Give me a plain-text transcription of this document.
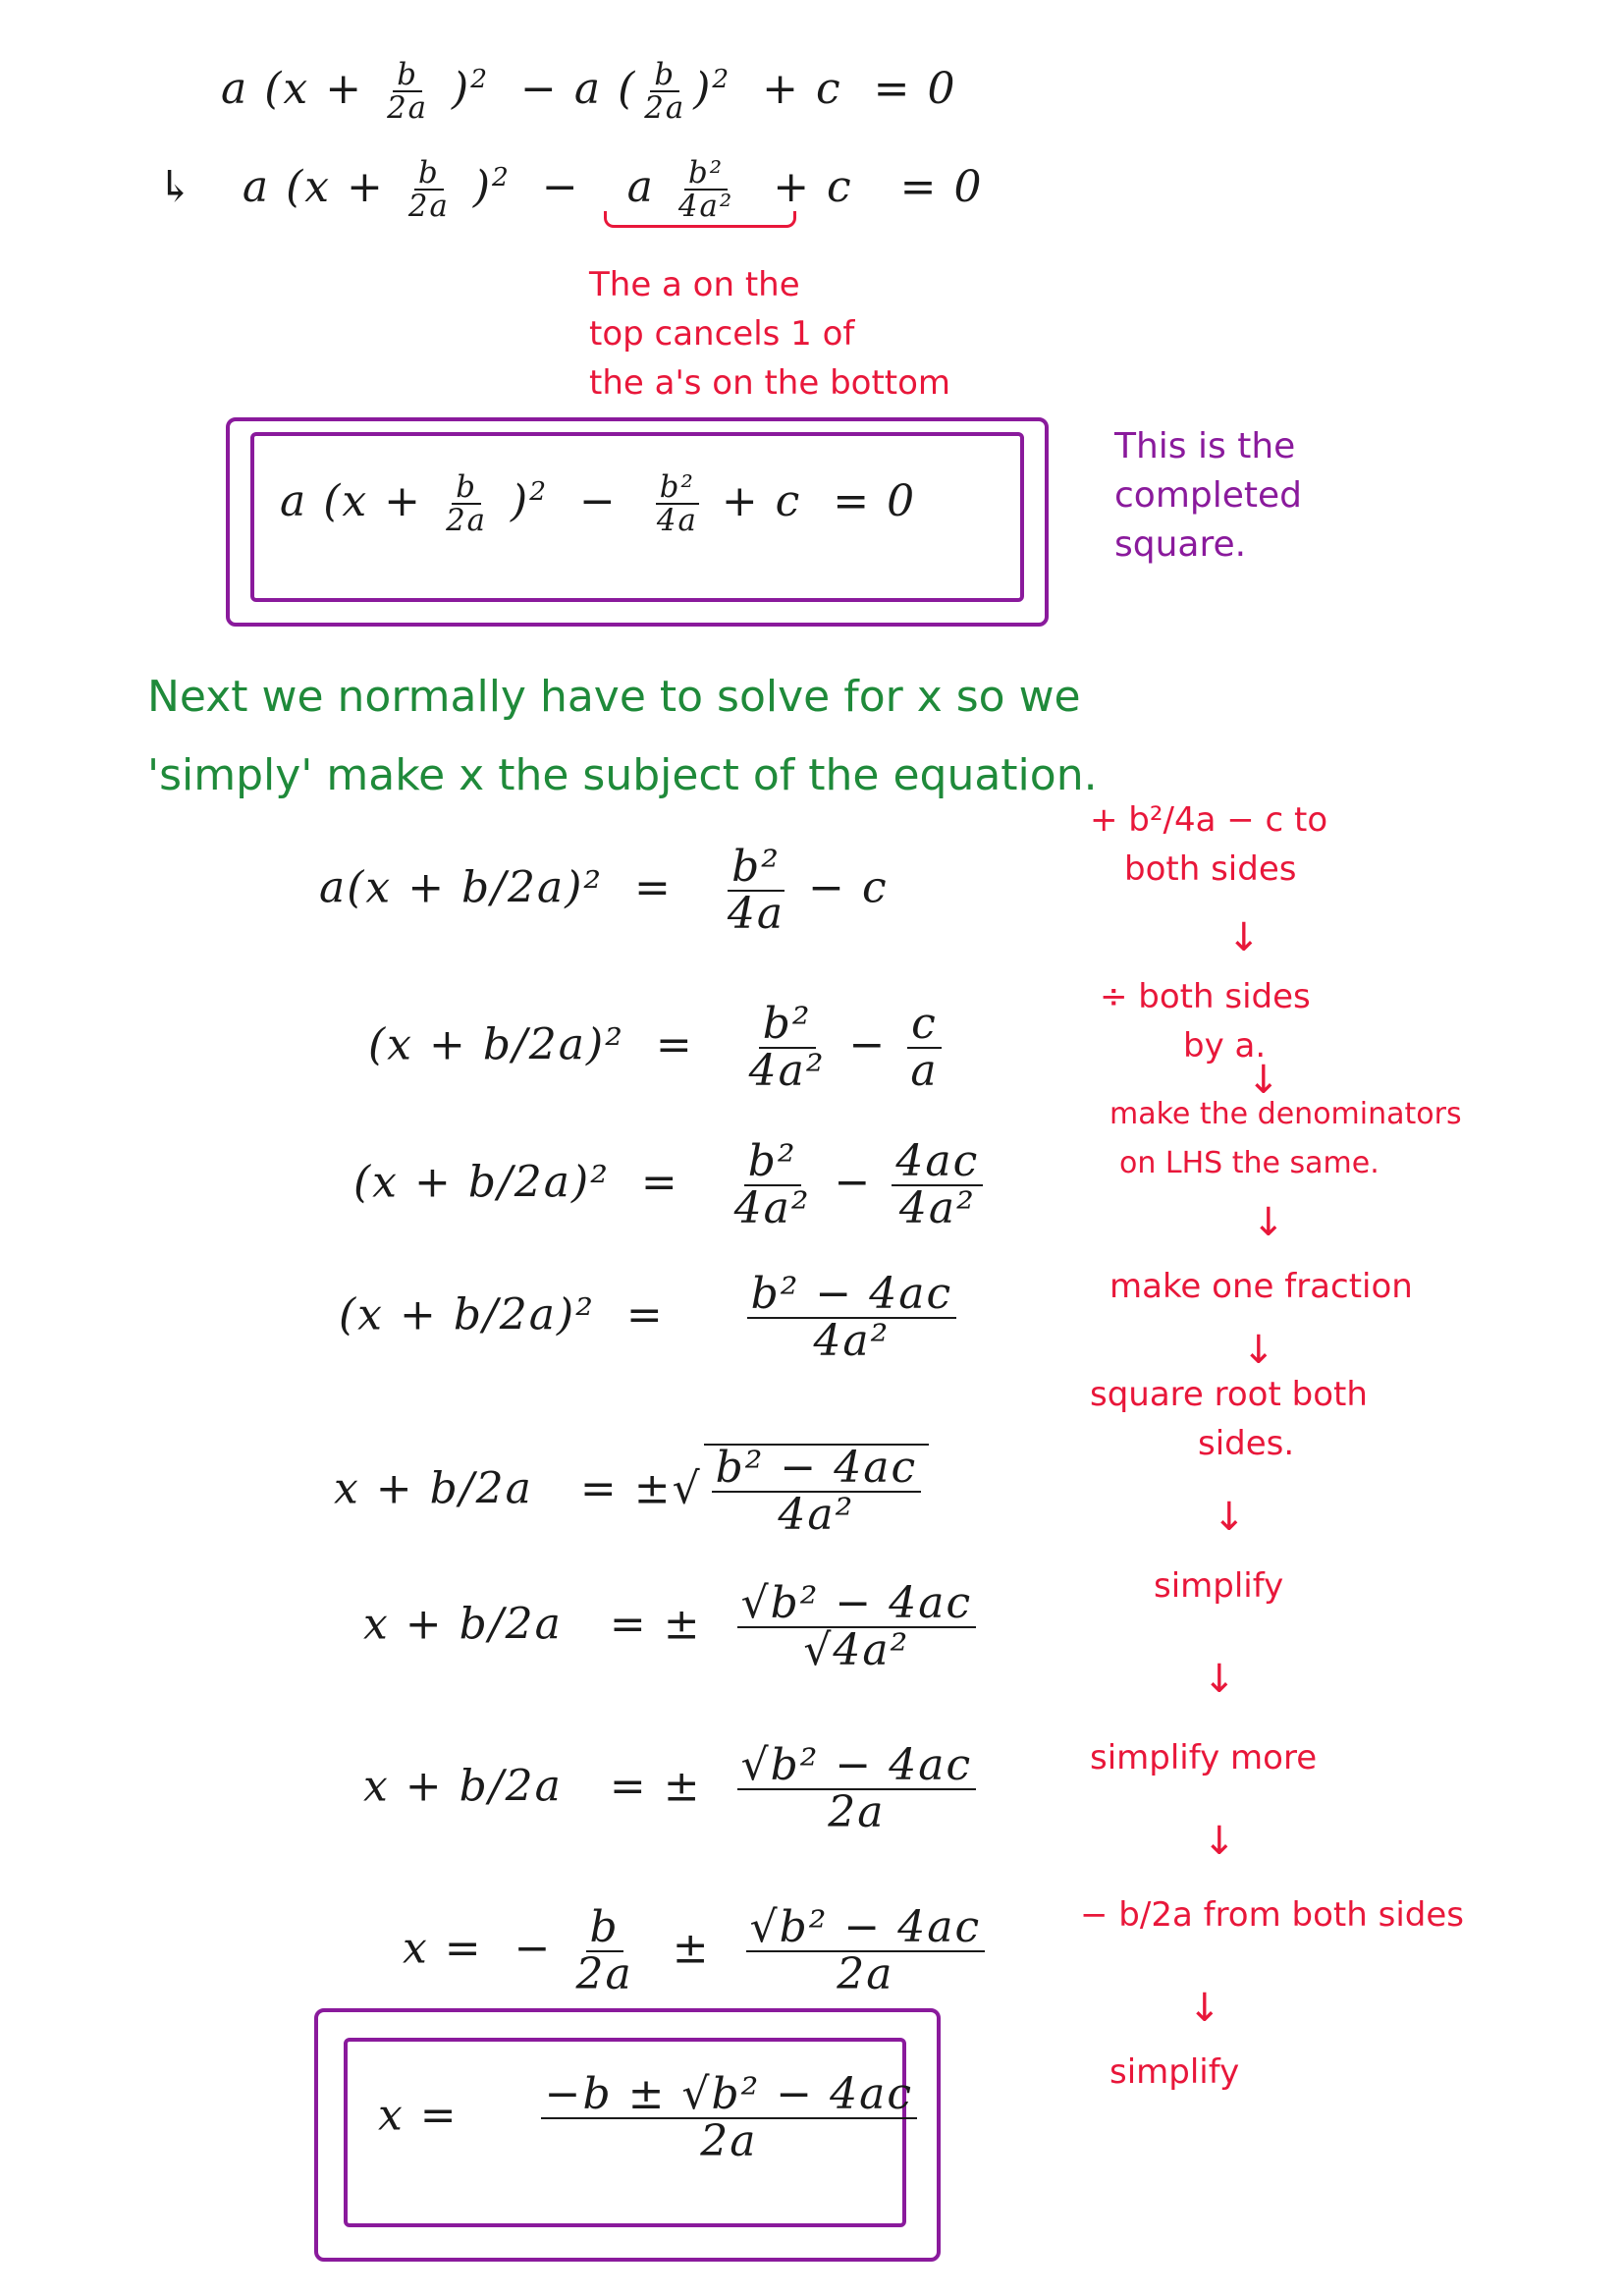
a $(x + \frac{b}{2a} )^2 - a$ ( $\frac{b}{2a} )^2 + c = 0$
↳ a $(x + \frac{b}{2a} )^2 - a \frac{\text{b²}}{\text{4a²}} + c = 0$
The a on the
top cancels 1 of
the a's on the bottom
a $(x + \frac{b}{2a} )^2 - \frac{\text{b²}}{4a} + c = 0$
This is the
completed
square.
Next we normally have to solve for x so we
'simply' make x the subject of the equation.
$a(x + b/2a)^2 = \frac{\text{b²}}{4a} - c$
$(x + b/2a)^2 = \frac{\text{b²}}{\text{4a²}} - \frac{c}{a}$
$(x + b/2a)^2 = \frac{\text{b²}}{\text{4a²}} - \frac{4ac}{\text{4a²}}$
$(x + b/2a)^2 = \frac{\text{b² − 4ac}}{\text{4a²}}$
x + b/2a = ±√ $\frac{\text{b² − 4ac}}{\text{4a²}}$
x + b/2a = ± $\frac{\text{√b² − 4ac}}{\text{√4a²}}$
x + b/2a = ± $\frac{\text{√b² − 4ac}}{2a}$
x =  − $\frac{b}{2a} \pm \frac{\text{√b² − 4ac}}{2a}$
$x = \frac{\text{−b ± √b² − 4ac}}{2a}$
+ b²/4a − c to
both sides
↓
÷ both sides
by a.
↓
make the denominators
on LHS the same.
↓
make one fraction
↓
square root both
sides.
↓
simplify
↓
simplify more
↓
− b/2a from both sides
↓
simplify
